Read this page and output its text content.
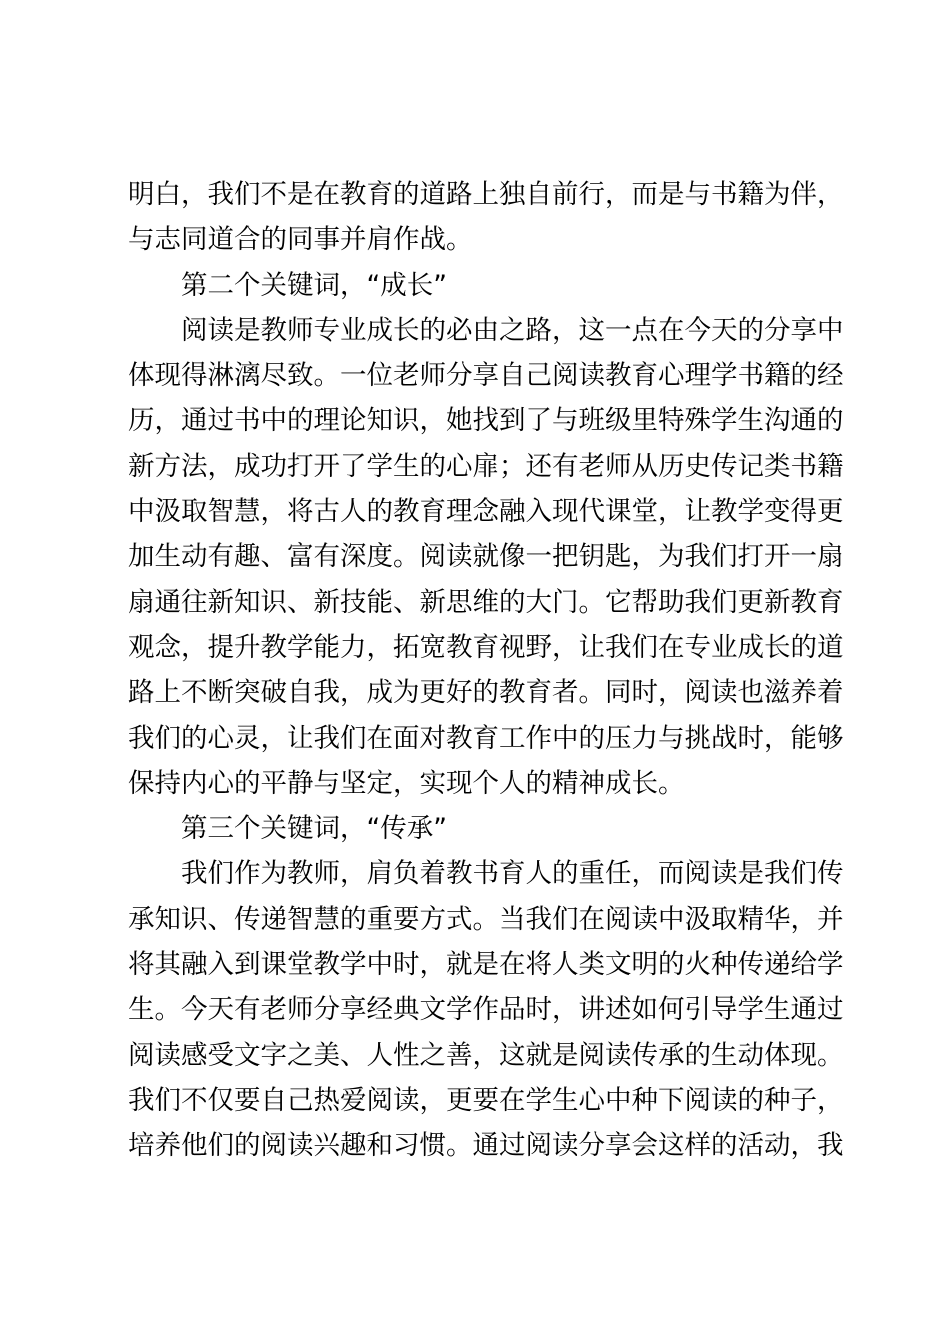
明白，我们不是在教育的道路上独自前行，而是与书籍为伴，
与志同道合的同事并肩作战。
第二个关键词，“成长”
阅读是教师专业成长的必由之路，这一点在今天的分享中
体现得淋漓尽致。一位老师分享自己阅读教育心理学书籍的经
历，通过书中的理论知识，她找到了与班级里特殊学生沟通的
新方法，成功打开了学生的心扉；还有老师从历史传记类书籍
中汲取智慧，将古人的教育理念融入现代课堂，让教学变得更
加生动有趣、富有深度。阅读就像一把钥匙，为我们打开一扇
扇通往新知识、新技能、新思维的大门。它帮助我们更新教育
观念，提升教学能力，拓宽教育视野，让我们在专业成长的道
路上不断突破自我，成为更好的教育者。同时，阅读也滋养着
我们的心灵，让我们在面对教育工作中的压力与挑战时，能够
保持内心的平静与坚定，实现个人的精神成长。
第三个关键词，“传承”
我们作为教师，肩负着教书育人的重任，而阅读是我们传
承知识、传递智慧的重要方式。当我们在阅读中汲取精华，并
将其融入到课堂教学中时，就是在将人类文明的火种传递给学
生。今天有老师分享经典文学作品时，讲述如何引导学生通过
阅读感受文字之美、人性之善，这就是阅读传承的生动体现。
我们不仅要自己热爱阅读，更要在学生心中种下阅读的种子，
培养他们的阅读兴趣和习惯。通过阅读分享会这样的活动，我
